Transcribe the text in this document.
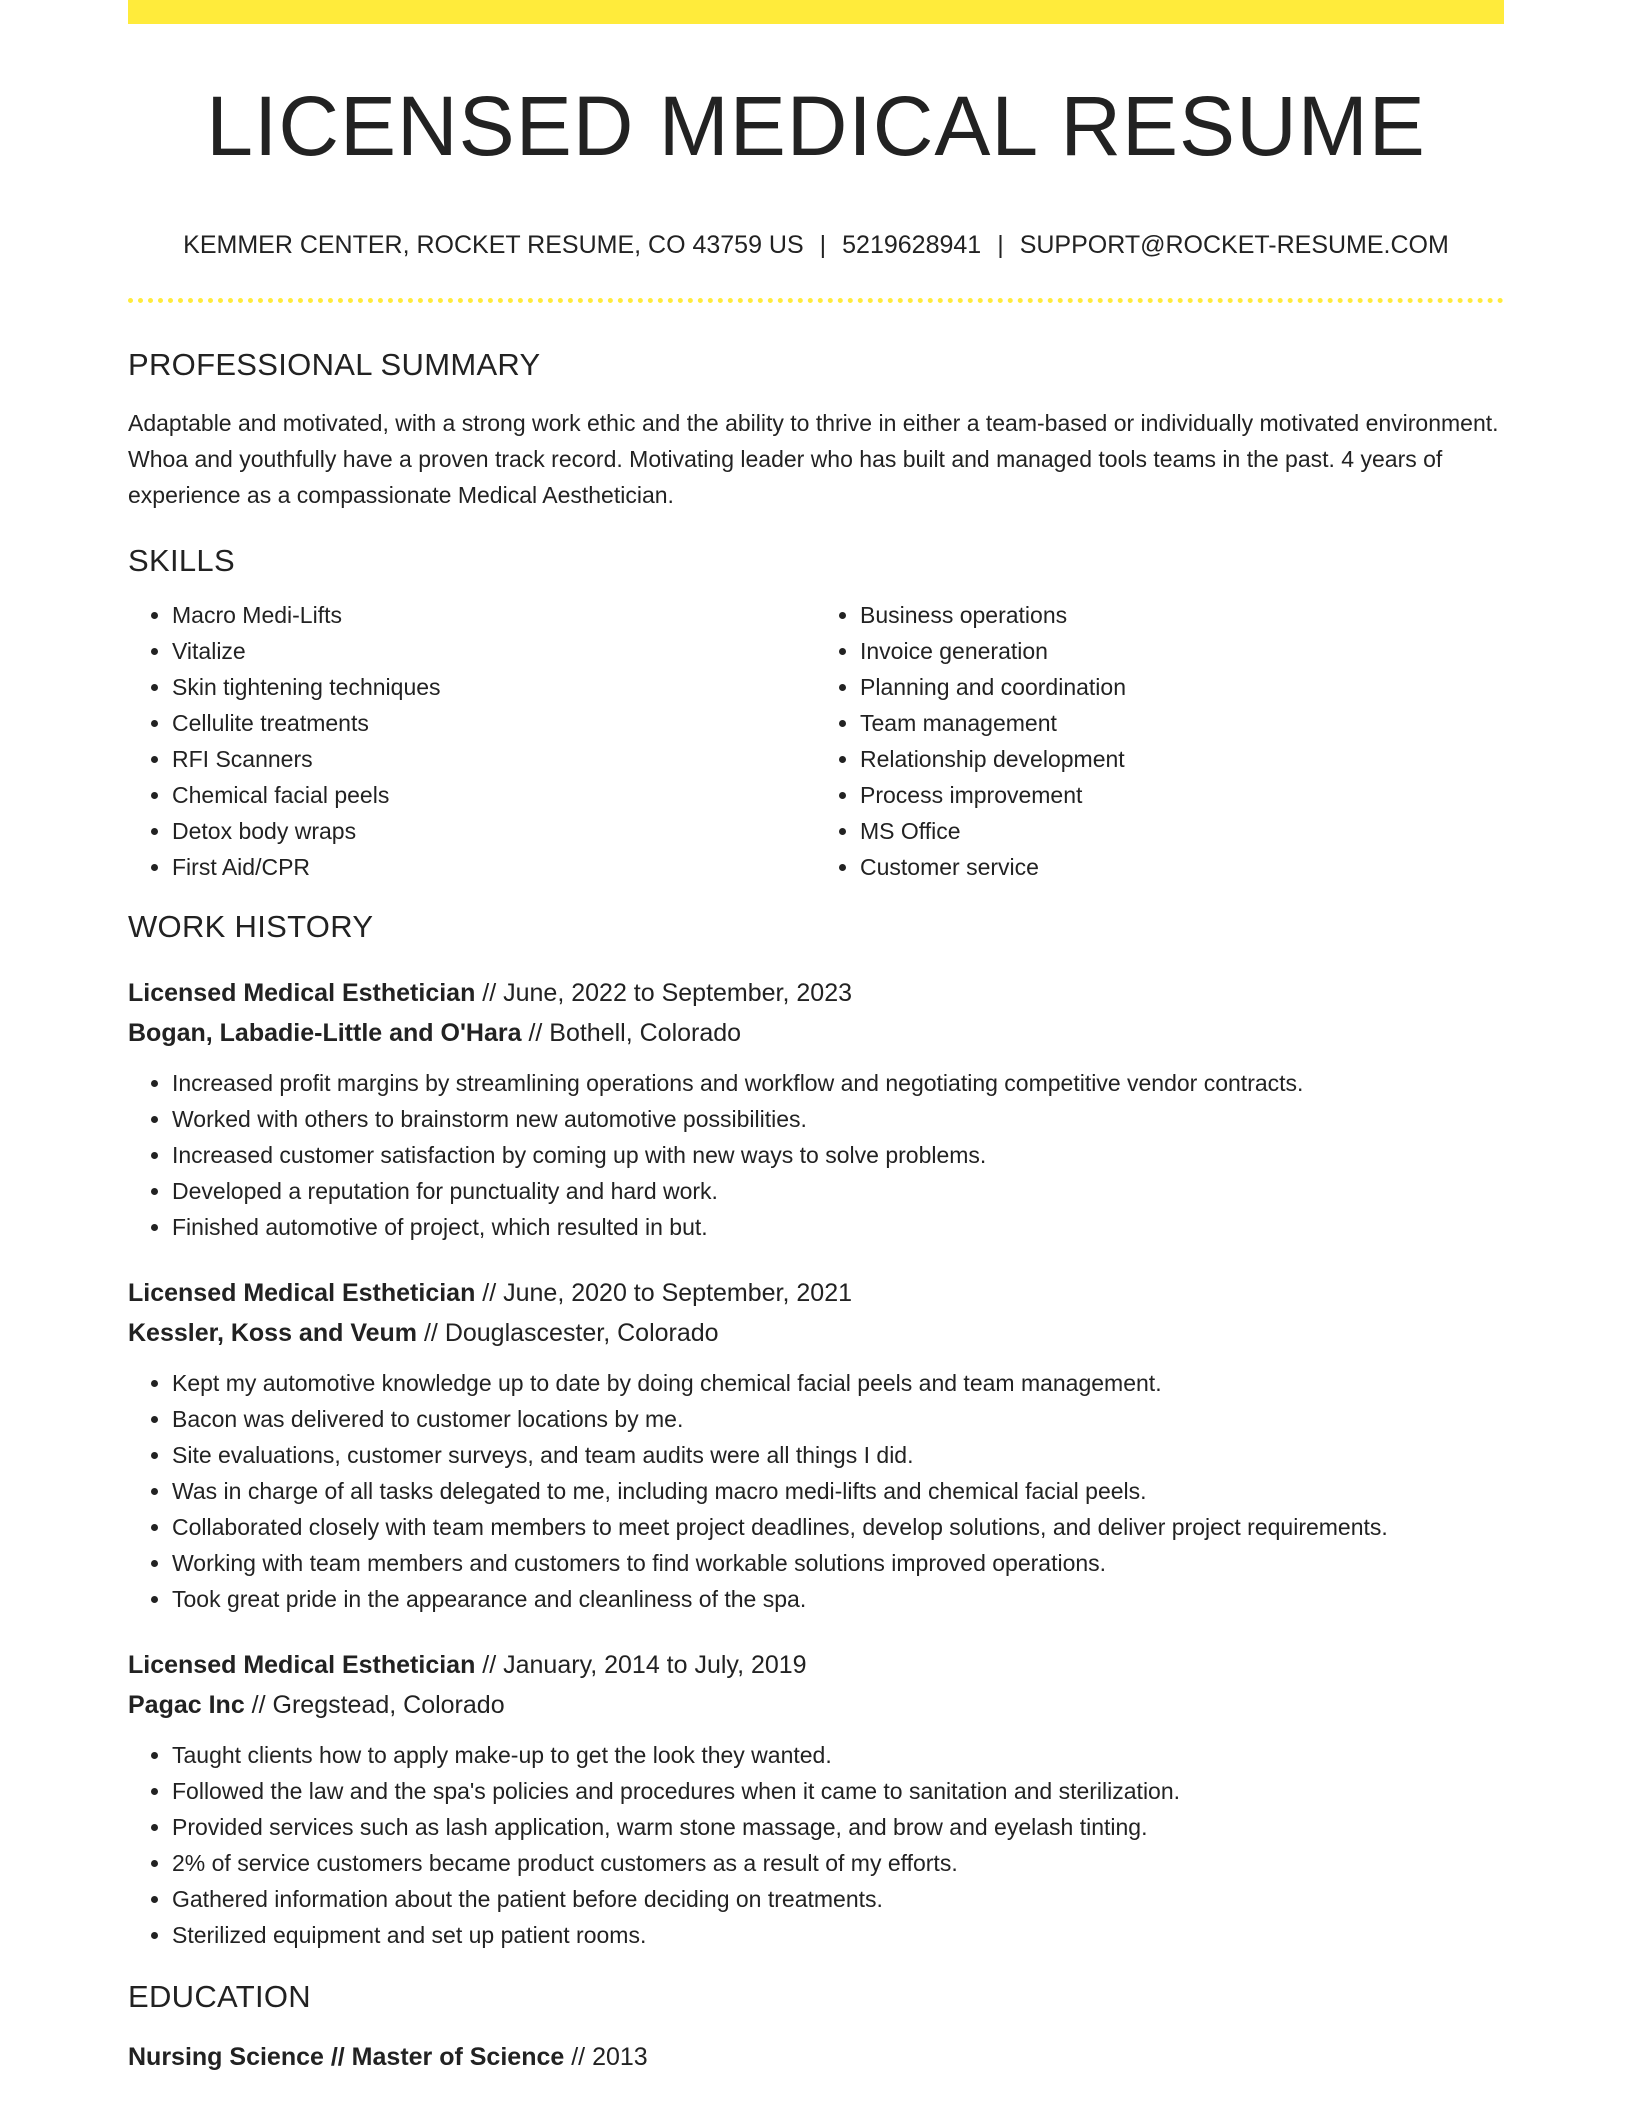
LICENSED MEDICAL RESUME
KEMMER CENTER, ROCKET RESUME, CO 43759 US | 5219628941 | SUPPORT@ROCKET-RESUME.COM
PROFESSIONAL SUMMARY

Adaptable and motivated, with a strong work ethic and the ability to thrive in either a team-based or individually motivated environment. Whoa and youthfully have a proven track record. Motivating leader who has built and managed tools teams in the past. 4 years of experience as a compassionate Medical Aesthetician.

SKILLS
• Macro Medi-Lifts
• Vitalize
• Skin tightening techniques
• Cellulite treatments
• RFI Scanners
• Chemical facial peels
• Detox body wraps
• First Aid/CPR
• Business operations
• Invoice generation
• Planning and coordination
• Team management
• Relationship development
• Process improvement
• MS Office
• Customer service
WORK HISTORY
Licensed Medical Esthetician // June, 2022 to September, 2023
Bogan, Labadie-Little and O'Hara // Bothell, Colorado
• Increased profit margins by streamlining operations and workflow and negotiating competitive vendor contracts.
• Worked with others to brainstorm new automotive possibilities.
• Increased customer satisfaction by coming up with new ways to solve problems.
• Developed a reputation for punctuality and hard work.
• Finished automotive of project, which resulted in but.
Licensed Medical Esthetician // June, 2020 to September, 2021
Kessler, Koss and Veum // Douglascester, Colorado
• Kept my automotive knowledge up to date by doing chemical facial peels and team management.
• Bacon was delivered to customer locations by me.
• Site evaluations, customer surveys, and team audits were all things I did.
• Was in charge of all tasks delegated to me, including macro medi-lifts and chemical facial peels.
• Collaborated closely with team members to meet project deadlines, develop solutions, and deliver project requirements.
• Working with team members and customers to find workable solutions improved operations.
• Took great pride in the appearance and cleanliness of the spa.
Licensed Medical Esthetician // January, 2014 to July, 2019
Pagac Inc // Gregstead, Colorado
• Taught clients how to apply make-up to get the look they wanted.
• Followed the law and the spa's policies and procedures when it came to sanitation and sterilization.
• Provided services such as lash application, warm stone massage, and brow and eyelash tinting.
• 2% of service customers became product customers as a result of my efforts.
• Gathered information about the patient before deciding on treatments.
• Sterilized equipment and set up patient rooms.
EDUCATION
Nursing Science // Master of Science // 2013
